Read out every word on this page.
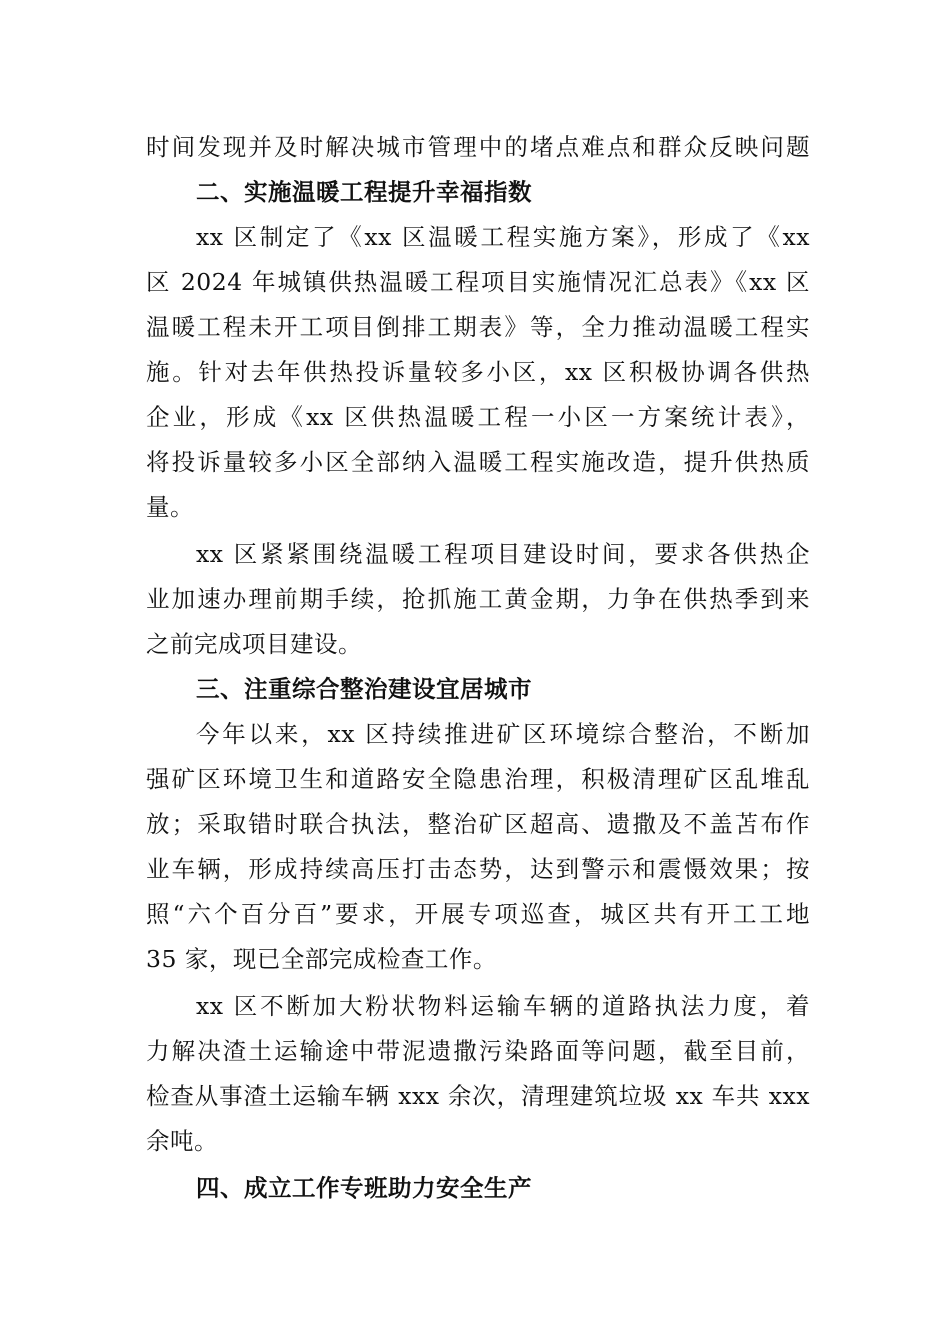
时间发现并及时解决城市管理中的堵点难点和群众反映问题
二、实施温暖工程提升幸福指数
xx 区制定了《xx 区温暖工程实施方案》，形成了《xx
区 2024 年城镇供热温暖工程项目实施情况汇总表》《xx 区
温暖工程未开工项目倒排工期表》等，全力推动温暖工程实
施。针对去年供热投诉量较多小区，xx 区积极协调各供热
企业，形成《xx 区供热温暖工程一小区一方案统计表》，
将投诉量较多小区全部纳入温暖工程实施改造，提升供热质
量。
xx 区紧紧围绕温暖工程项目建设时间，要求各供热企
业加速办理前期手续，抢抓施工黄金期，力争在供热季到来
之前完成项目建设。
三、注重综合整治建设宜居城市
今年以来，xx 区持续推进矿区环境综合整治，不断加
强矿区环境卫生和道路安全隐患治理，积极清理矿区乱堆乱
放；采取错时联合执法，整治矿区超高、遗撒及不盖苫布作
业车辆，形成持续高压打击态势，达到警示和震慑效果；按
照“六个百分百”要求，开展专项巡查，城区共有开工工地
35 家，现已全部完成检查工作。
xx 区不断加大粉状物料运输车辆的道路执法力度，着
力解决渣土运输途中带泥遗撒污染路面等问题，截至目前，
检查从事渣土运输车辆 xxx 余次，清理建筑垃圾 xx 车共 xxx
余吨。
四、成立工作专班助力安全生产
